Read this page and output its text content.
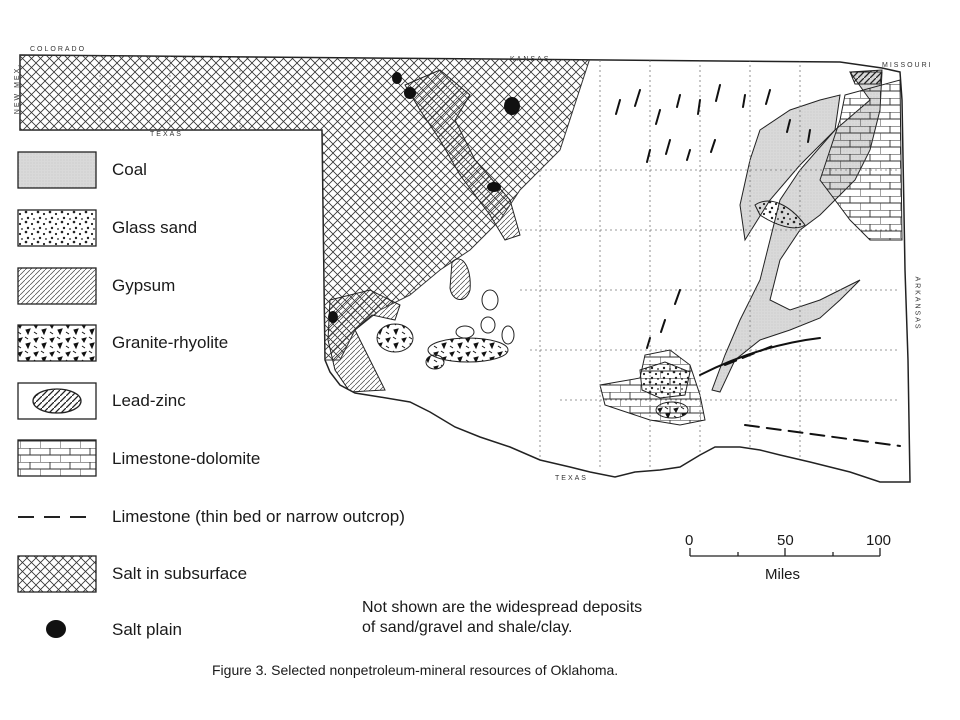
COLORADO
KANSAS
TEXAS
TEXAS
MISSOURI
ARKANSAS
NEW MEX.
Coal
Glass sand
Gypsum
Granite-rhyolite
Lead-zinc
Limestone-dolomite
Limestone (thin bed or narrow outcrop)
Salt in subsurface
Salt plain
0	50	100
Miles
Not shown are the widespread deposits
of sand/gravel and shale/clay.
Figure 3. Selected nonpetroleum-mineral resources of Oklahoma.
